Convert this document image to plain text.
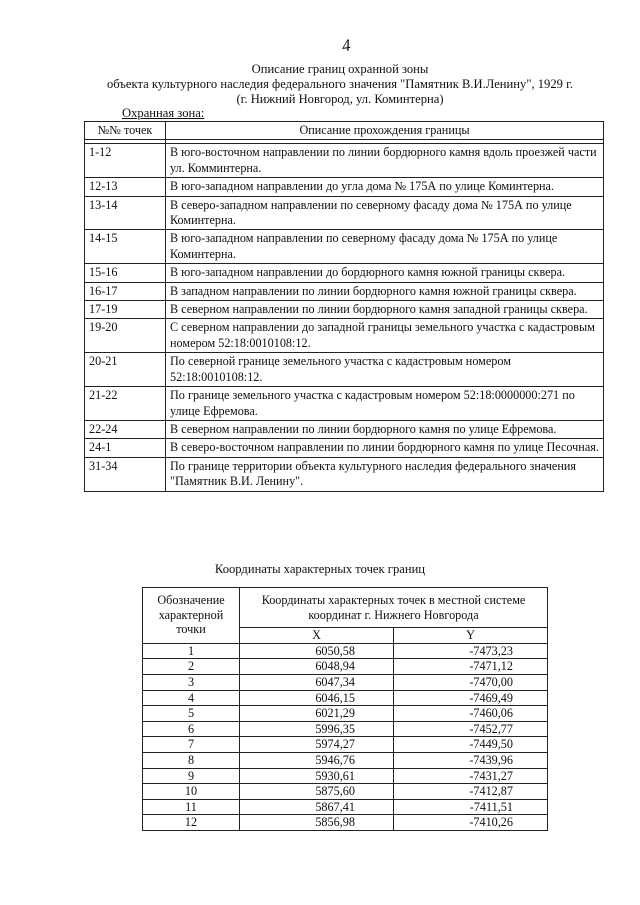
4
Описание границ охранной зоны
объекта культурного наследия федерального значения "Памятник В.И.Ленину", 1929 г.
(г. Нижний Новгород, ул. Коминтерна)
Охранная зона:
№№ точек	Описание прохождения границы

1-12	В юго-восточном направлении по линии бордюрного камня вдоль проезжей части ул. Комминтерна.
12-13	В юго-западном направлении до угла дома № 175А по улице Коминтерна.
13-14	В северо-западном направлении по северному фасаду дома № 175А по улице Коминтерна.
14-15	В юго-западном направлении по северному фасаду дома № 175А по улице Коминтерна.
15-16	В юго-западном направлении до бордюрного камня южной границы сквера.
16-17	В западном направлении по линии бордюрного камня южной границы сквера.
17-19	В северном направлении по линии бордюрного камня западной границы сквера.
19-20	С северном направлении до западной границы земельного участка с кадастровым номером 52:18:0010108:12.
20-21	По северной границе земельного участка с кадастровым номером 52:18:0010108:12.
21-22	По границе земельного участка с кадастровым номером 52:18:0000000:271 по улице Ефремова.
22-24	В северном направлении по линии бордюрного камня по улице Ефремова.
24-1	В северо-восточном направлении по линии бордюрного камня по улице Песочная.
31-34	По границе территории объекта культурного наследия федерального значения "Памятник В.И. Ленину".
Координаты характерных точек границ
Обозначение характерной точки	Координаты характерных точек в местной системе координат г. Нижнего Новгорода	
	X	Y
1	6050,58	-7473,23
2	6048,94	-7471,12
3	6047,34	-7470,00
4	6046,15	-7469,49
5	6021,29	-7460,06
6	5996,35	-7452,77
7	5974,27	-7449,50
8	5946,76	-7439,96
9	5930,61	-7431,27
10	5875,60	-7412,87
11	5867,41	-7411,51
12	5856,98	-7410,26
